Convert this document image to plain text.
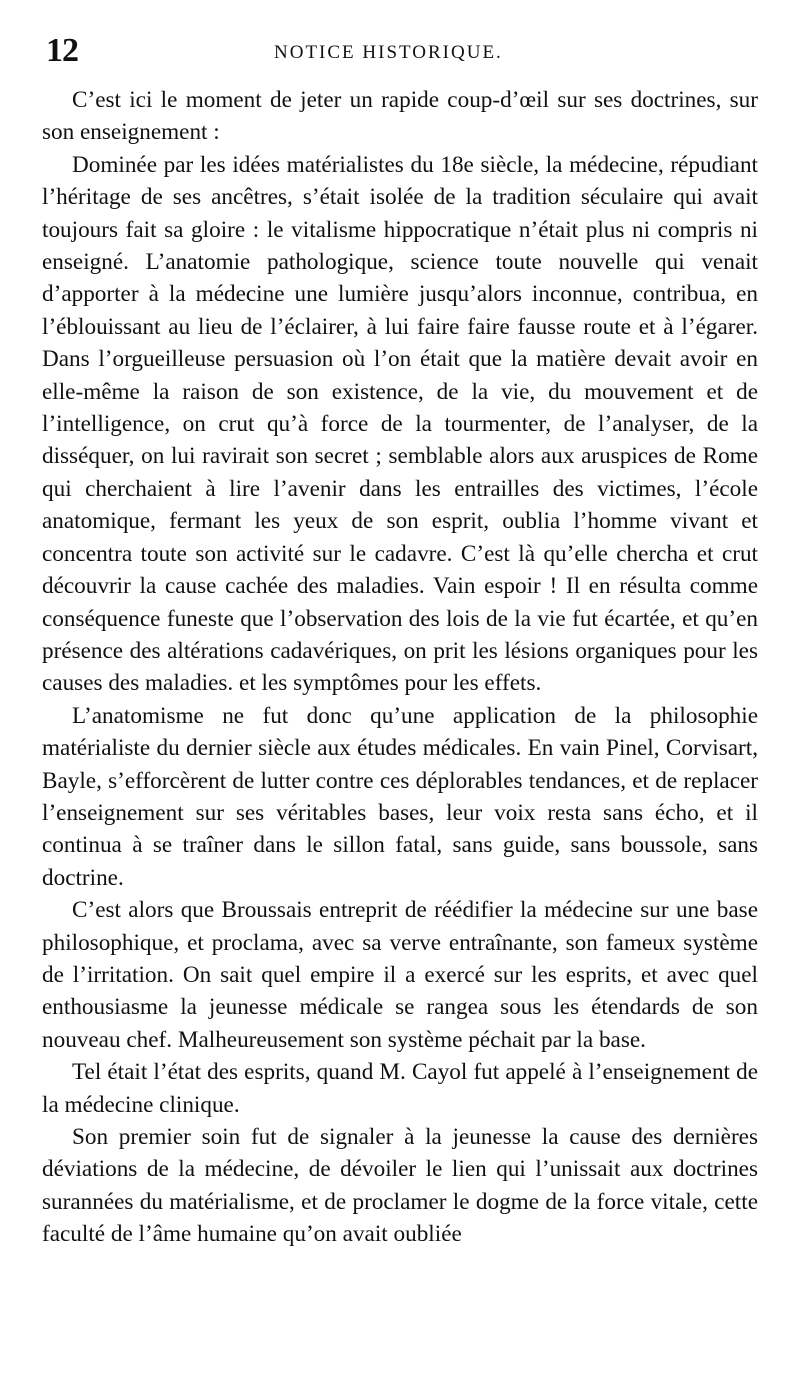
12	NOTICE HISTORIQUE.

C’est ici le moment de jeter un rapide coup-d’œil sur ses doctrines, sur son enseignement :

Dominée par les idées matérialistes du 18e siècle, la médecine, répudiant l’héritage de ses ancêtres, s’était isolée de la tradition séculaire qui avait toujours fait sa gloire : le vitalisme hippocratique n’était plus ni compris ni enseigné. L’anatomie pathologique, science toute nouvelle qui venait d’apporter à la médecine une lumière jusqu’alors inconnue, contribua, en l’éblouissant au lieu de l’éclairer, à lui faire faire fausse route et à l’égarer. Dans l’orgueilleuse persuasion où l’on était que la matière devait avoir en elle-même la raison de son existence, de la vie, du mouvement et de l’intelligence, on crut qu’à force de la tourmenter, de l’analyser, de la disséquer, on lui ravirait son secret ; semblable alors aux aruspices de Rome qui cherchaient à lire l’avenir dans les entrailles des victimes, l’école anatomique, fermant les yeux de son esprit, oublia l’homme vivant et concentra toute son activité sur le cadavre. C’est là qu’elle chercha et crut découvrir la cause cachée des maladies. Vain espoir ! Il en résulta comme conséquence funeste que l’observation des lois de la vie fut écartée, et qu’en présence des altérations cadavériques, on prit les lésions organiques pour les causes des maladies. et les symptômes pour les effets.

L’anatomisme ne fut donc qu’une application de la philosophie matérialiste du dernier siècle aux études médicales. En vain Pinel, Corvisart, Bayle, s’efforcèrent de lutter contre ces déplorables tendances, et de replacer l’enseignement sur ses véritables bases, leur voix resta sans écho, et il continua à se traîner dans le sillon fatal, sans guide, sans boussole, sans doctrine.

C’est alors que Broussais entreprit de réédifier la médecine sur une base philosophique, et proclama, avec sa verve entraînante, son fameux système de l’irritation. On sait quel empire il a exercé sur les esprits, et avec quel enthousiasme la jeunesse médicale se rangea sous les étendards de son nouveau chef. Malheureusement son système péchait par la base.

Tel était l’état des esprits, quand M. Cayol fut appelé à l’enseignement de la médecine clinique.

Son premier soin fut de signaler à la jeunesse la cause des dernières déviations de la médecine, de dévoiler le lien qui l’unissait aux doctrines surannées du matérialisme, et de proclamer le dogme de la force vitale, cette faculté de l’âme humaine qu’on avait oubliée
